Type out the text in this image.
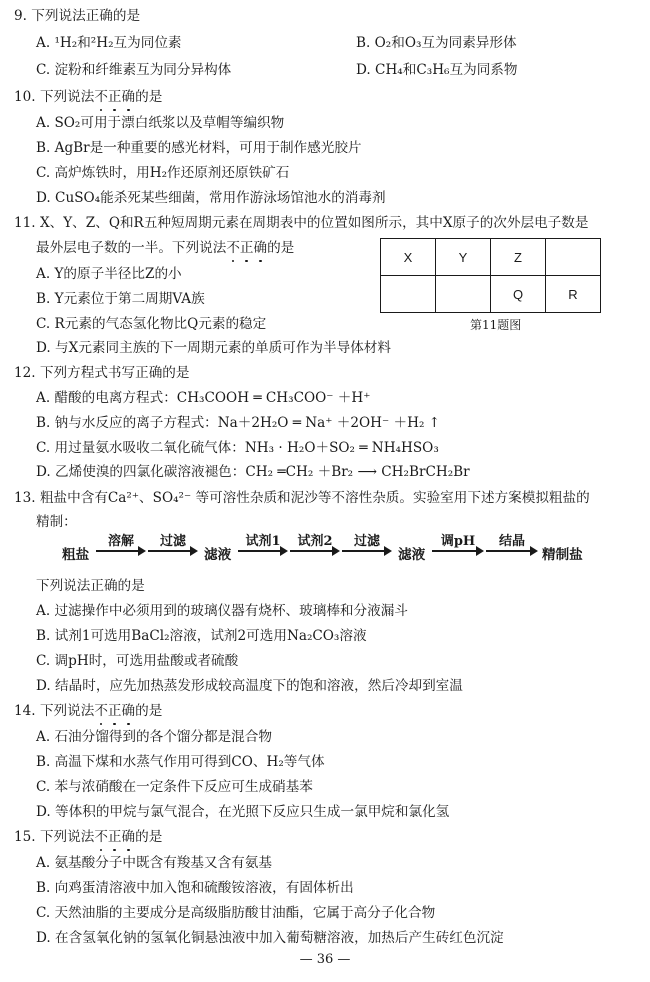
9. 下列说法正确的是
A. ¹H₂和²H₂互为同位素	B. O₂和O₃互为同素异形体
C. 淀粉和纤维素互为同分异构体	D. CH₄和C₃H₆互为同系物
10. 下列说法不正确的是
A. SO₂可用于漂白纸浆以及草帽等编织物
B. AgBr是一种重要的感光材料，可用于制作感光胶片
C. 高炉炼铁时，用H₂作还原剂还原铁矿石
D. CuSO₄能杀死某些细菌，常用作游泳场馆池水的消毒剂
11. X、Y、Z、Q和R五种短周期元素在周期表中的位置如图所示，其中X原子的次外层电子数是
最外层电子数的一半。下列说法不正确的是
A. Y的原子半径比Z的小
B. Y元素位于第二周期VA族
C. R元素的气态氢化物比Q元素的稳定
D. 与X元素同主族的下一周期元素的单质可作为半导体材料
X	Y	Z	
		Q	R
第11题图
12. 下列方程式书写正确的是
A. 醋酸的电离方程式：CH₃COOH ═ CH₃COO⁻ ＋H⁺
B. 钠与水反应的离子方程式：Na＋2H₂O ═ Na⁺ ＋2OH⁻ ＋H₂ ↑
C. 用过量氨水吸收二氧化硫气体：NH₃ · H₂O＋SO₂ ═ NH₄HSO₃
D. 乙烯使溴的四氯化碳溶液褪色：CH₂ ═CH₂ ＋Br₂ ⟶ CH₂BrCH₂Br
13. 粗盐中含有Ca²⁺、SO₄²⁻ 等可溶性杂质和泥沙等不溶性杂质。实验室用下述方案模拟粗盐的
精制：
粗盐
溶解	过滤
滤液
试剂1	试剂2	过滤
滤液
调pH	结晶
精制盐
下列说法正确的是
A. 过滤操作中必须用到的玻璃仪器有烧杯、玻璃棒和分液漏斗
B. 试剂1可选用BaCl₂溶液，试剂2可选用Na₂CO₃溶液
C. 调pH时，可选用盐酸或者硫酸
D. 结晶时，应先加热蒸发形成较高温度下的饱和溶液，然后冷却到室温
14. 下列说法不正确的是
A. 石油分馏得到的各个馏分都是混合物
B. 高温下煤和水蒸气作用可得到CO、H₂等气体
C. 苯与浓硝酸在一定条件下反应可生成硝基苯
D. 等体积的甲烷与氯气混合，在光照下反应只生成一氯甲烷和氯化氢
15. 下列说法不正确的是
A. 氨基酸分子中既含有羧基又含有氨基
B. 向鸡蛋清溶液中加入饱和硫酸铵溶液，有固体析出
C. 天然油脂的主要成分是高级脂肪酸甘油酯，它属于高分子化合物
D. 在含氢氧化钠的氢氧化铜悬浊液中加入葡萄糖溶液，加热后产生砖红色沉淀
— 36 —
